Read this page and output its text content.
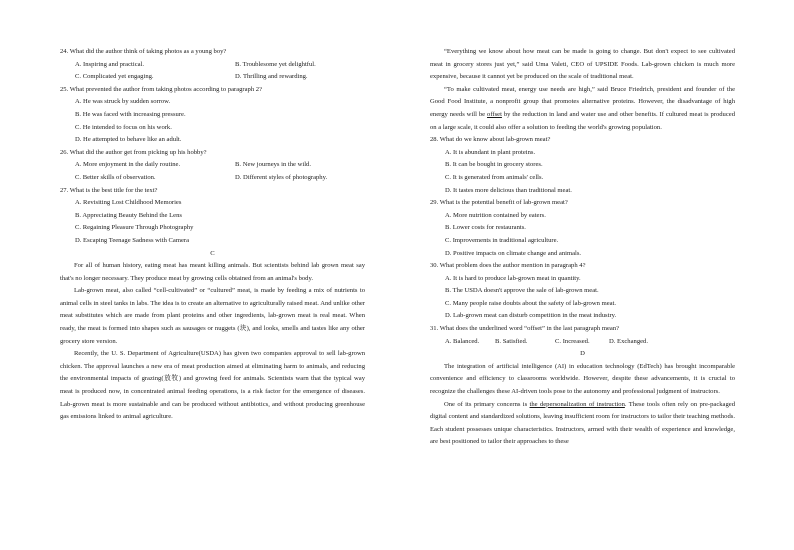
24. What did the author think of taking photos as a young boy?
A. Inspiring and practical.	B. Troublesome yet delightful.
C. Complicated yet engaging.	D. Thrilling and rewarding.
25. What prevented the author from taking photos according to paragraph 2?
A. He was struck by sudden sorrow.
B. He was faced with increasing pressure.
C. He intended to focus on his work.
D. He attempted to behave like an adult.
26. What did the author get from picking up his hobby?
A. More enjoyment in the daily routine.	B. New journeys in the wild.
C. Better skills of observation.	D. Different styles of photography.
27. What is the best title for the text?
A. Revisiting Lost Childhood Memories
B. Appreciating Beauty Behind the Lens
C. Regaining Pleasure Through Photography
D. Escaping Teenage Sadness with Camera
C
For all of human history, eating meat has meant killing animals. But scientists behind lab grown meat say that's no longer necessary. They produce meat by growing cells obtained from an animal's body.
Lab-grown meat, also called “cell-cultivated” or “cultured” meat, is made by feeding a mix of nutrients to animal cells in steel tanks in labs. The idea is to create an alternative to agriculturally raised meat. And unlike other meat substitutes which are made from plant proteins and other ingredients, lab-grown meat is real meat. When ready, the meat is formed into shapes such as sausages or nuggets (块), and looks, smells and tastes like any other grocery store version.
Recently, the U. S. Department of Agriculture(USDA) has given two companies approval to sell lab-grown chicken. The approval launches a new era of meat production aimed at eliminating harm to animals, and reducing the environmental impacts of grazing(放牧) and growing feed for animals. Scientists warn that the typical way meat is produced now, in concentrated animal feeding operations, is a risk factor for the emergence of diseases. Lab-grown meat is more sustainable and can be produced without antibiotics, and without producing greenhouse gas emissions linked to animal agriculture.
“Everything we know about how meat can be made is going to change. But don't expect to see cultivated meat in grocery stores just yet,” said Uma Valeti, CEO of UPSIDE Foods. Lab-grown chicken is much more expensive, because it cannot yet be produced on the scale of traditional meat.
“To make cultivated meat, energy use needs are high,” said Bruce Friedrich, president and founder of the Good Food Institute, a nonprofit group that promotes alternative proteins. However, the disadvantage of high energy needs will be offset by the reduction in land and water use and other benefits. If cultured meat is produced on a large scale, it could also offer a solution to feeding the world's growing population.
28. What do we know about lab-grown meat?
A. It is abundant in plant proteins.
B. It can be bought in grocery stores.
C. It is generated from animals' cells.
D. It tastes more delicious than traditional meat.
29. What is the potential benefit of lab-grown meat?
A. More nutrition contained by eaters.
B. Lower costs for restaurants.
C. Improvements in traditional agriculture.
D. Positive impacts on climate change and animals.
30. What problem does the author mention in paragraph 4?
A. It is hard to produce lab-grown meat in quantity.
B. The USDA doesn't approve the sale of lab-grown meat.
C. Many people raise doubts about the safety of lab-grown meat.
D. Lab-grown meat can disturb competition in the meat industry.
31. What does the underlined word “offset” in the last paragraph mean?
A. Balanced.	B. Satisfied.	C. Increased.	D. Exchanged.
D
The integration of artificial intelligence (AI) in education technology (EdTech) has brought incomparable convenience and efficiency to classrooms worldwide. However, despite these advancements, it is crucial to recognize the challenges these AI-driven tools pose to the autonomy and professional judgment of instructors.
One of its primary concerns is the depersonalization of instruction. These tools often rely on pre-packaged digital content and standardized solutions, leaving insufficient room for instructors to tailor their teaching methods. Each student possesses unique characteristics. Instructors, armed with their wealth of experience and knowledge, are best positioned to tailor their approaches to these
